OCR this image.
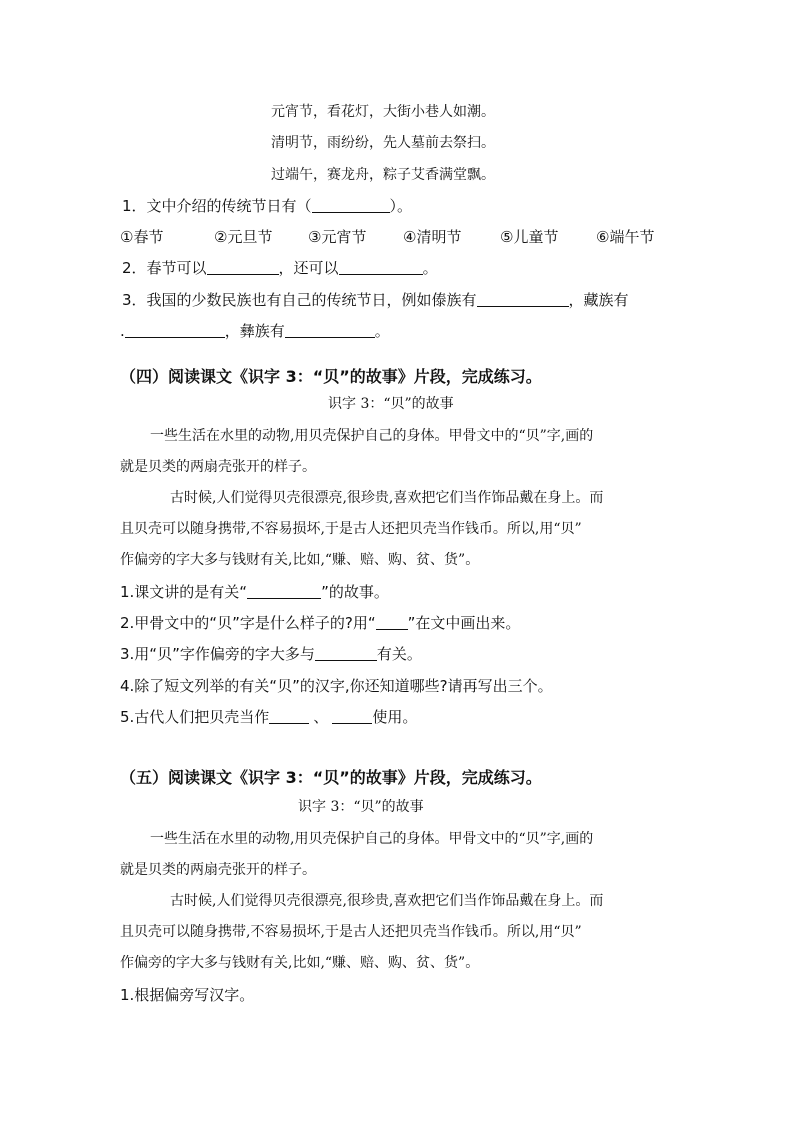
元宵节，看花灯，大街小巷人如潮。
清明节，雨纷纷，先人墓前去祭扫。
过端午，赛龙舟，粽子艾香满堂飘。
1．文中介绍的传统节日有（	）。
①春节	②元旦节 ③元宵节 ④清明节	⑤儿童节	⑥端午节
2．春节可以	，还可以	。
3．我国的少数民族也有自己的传统节日，例如傣族有	，藏族有
.	，彝族有	。
（四）阅读课文《识字 3：“贝”的故事》片段，完成练习。
识字 3：“贝”的故事
一些生活在水里的动物,用贝壳保护自己的身体。甲骨文中的“贝”字,画的
就是贝类的两扇壳张开的样子。
古时候,人们觉得贝壳很漂亮,很珍贵,喜欢把它们当作饰品戴在身上。而
且贝壳可以随身携带,不容易损坏,于是古人还把贝壳当作钱币。所以,用“贝”
作偏旁的字大多与钱财有关,比如,“赚、赔、购、贫、货”。
1.课文讲的是有关“	”的故事。
2.甲骨文中的“贝”字是什么样子的?用“ ”在文中画出来。
3.用“贝”字作偏旁的字大多与	有关。
4.除了短文列举的有关“贝”的汉字,你还知道哪些?请再写出三个。
5.古代人们把贝壳当作	、	使用。
（五）阅读课文《识字 3：“贝”的故事》片段，完成练习。
识字 3：“贝”的故事
一些生活在水里的动物,用贝壳保护自己的身体。甲骨文中的“贝”字,画的
就是贝类的两扇壳张开的样子。
古时候,人们觉得贝壳很漂亮,很珍贵,喜欢把它们当作饰品戴在身上。而
且贝壳可以随身携带,不容易损坏,于是古人还把贝壳当作钱币。所以,用“贝”
作偏旁的字大多与钱财有关,比如,“赚、赔、购、贫、货”。
1.根据偏旁写汉字。
